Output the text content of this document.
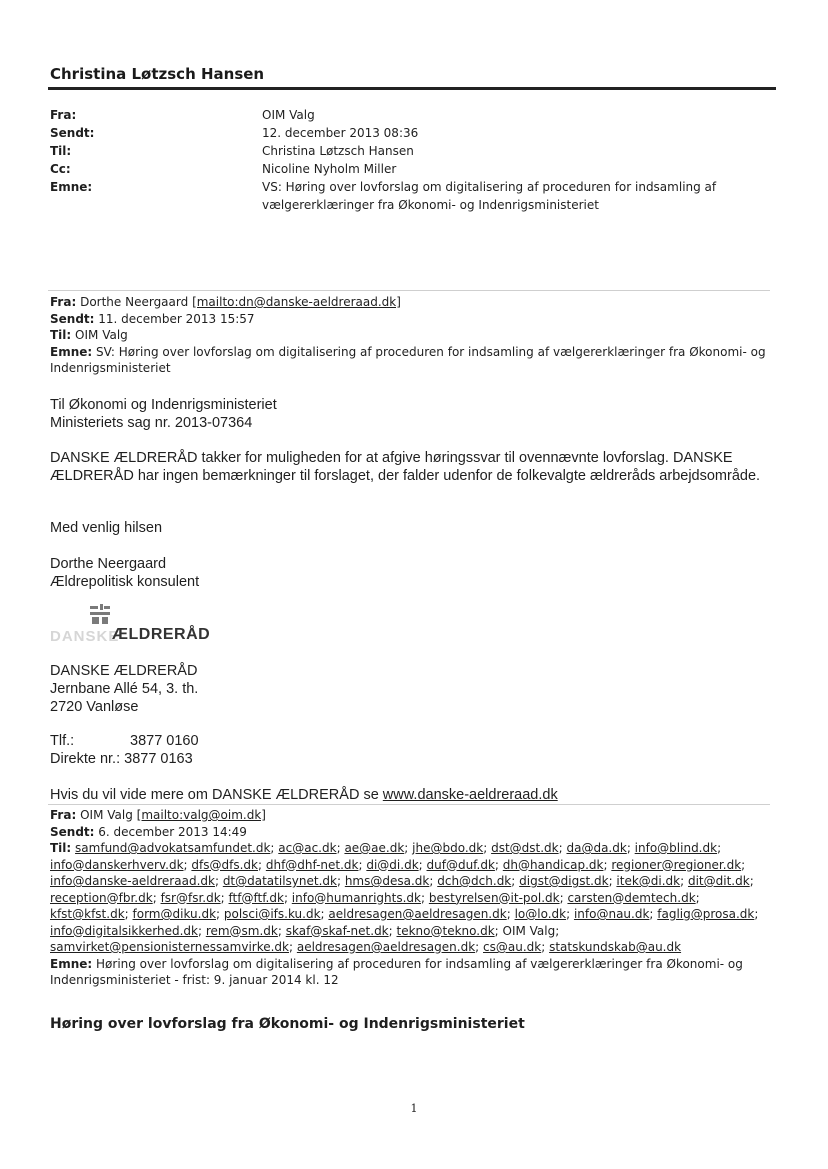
Christina Løtzsch Hansen
Fra:	OIM Valg
Sendt:	12. december 2013 08:36
Til:	Christina Løtzsch Hansen
Cc:	Nicoline Nyholm Miller
Emne:	VS: Høring over lovforslag om digitalisering af proceduren for indsamling af vælgererklæringer fra Økonomi- og Indenrigsministeriet
Fra: Dorthe Neergaard [mailto:dn@danske-aeldreraad.dk]
Sendt: 11. december 2013 15:57
Til: OIM Valg
Emne: SV: Høring over lovforslag om digitalisering af proceduren for indsamling af vælgererklæringer fra Økonomi- og Indenrigsministeriet

Til Økonomi og Indenrigsministeriet

Ministeriets sag nr. 2013-07364

DANSKE ÆLDRERÅD takker for muligheden for at afgive høringssvar til ovennævnte lovforslag. DANSKE ÆLDRERÅD har ingen bemærkninger til forslaget, der falder udenfor de folkevalgte ældreråds arbejdsområde.

Med venlig hilsen

Dorthe Neergaard

Ældrepolitisk konsulent

DANSKE
ÆLDRERÅD

DANSKE ÆLDRERÅD

Jernbane Allé 54, 3. th.

2720 Vanløse

Tlf.:	3877 0160
Direkte nr.: 3877 0163

Hvis du vil vide mere om DANSKE ÆLDRERÅD se www.danske-aeldreraad.dk

Fra: OIM Valg [mailto:valg@oim.dk]
Sendt: 6. december 2013 14:49
Til: samfund@advokatsamfundet.dk; ac@ac.dk; ae@ae.dk; jhe@bdo.dk; dst@dst.dk; da@da.dk; info@blind.dk; info@danskerhverv.dk; dfs@dfs.dk; dhf@dhf-net.dk; di@di.dk; duf@duf.dk; dh@handicap.dk; regioner@regioner.dk; info@danske-aeldreraad.dk; dt@datatilsynet.dk; hms@desa.dk; dch@dch.dk; digst@digst.dk; itek@di.dk; dit@dit.dk; reception@fbr.dk; fsr@fsr.dk; ftf@ftf.dk; info@humanrights.dk; bestyrelsen@it-pol.dk; carsten@demtech.dk; kfst@kfst.dk; form@diku.dk; polsci@ifs.ku.dk; aeldresagen@aeldresagen.dk; lo@lo.dk; info@nau.dk; faglig@prosa.dk; info@digitalsikkerhed.dk; rem@sm.dk; skaf@skaf-net.dk; tekno@tekno.dk; OIM Valg; samvirket@pensionisternessamvirke.dk; aeldresagen@aeldresagen.dk; cs@au.dk; statskundskab@au.dk
Emne: Høring over lovforslag om digitalisering af proceduren for indsamling af vælgererklæringer fra Økonomi- og Indenrigsministeriet - frist: 9. januar 2014 kl. 12
Høring over lovforslag fra Økonomi- og Indenrigsministeriet
1
